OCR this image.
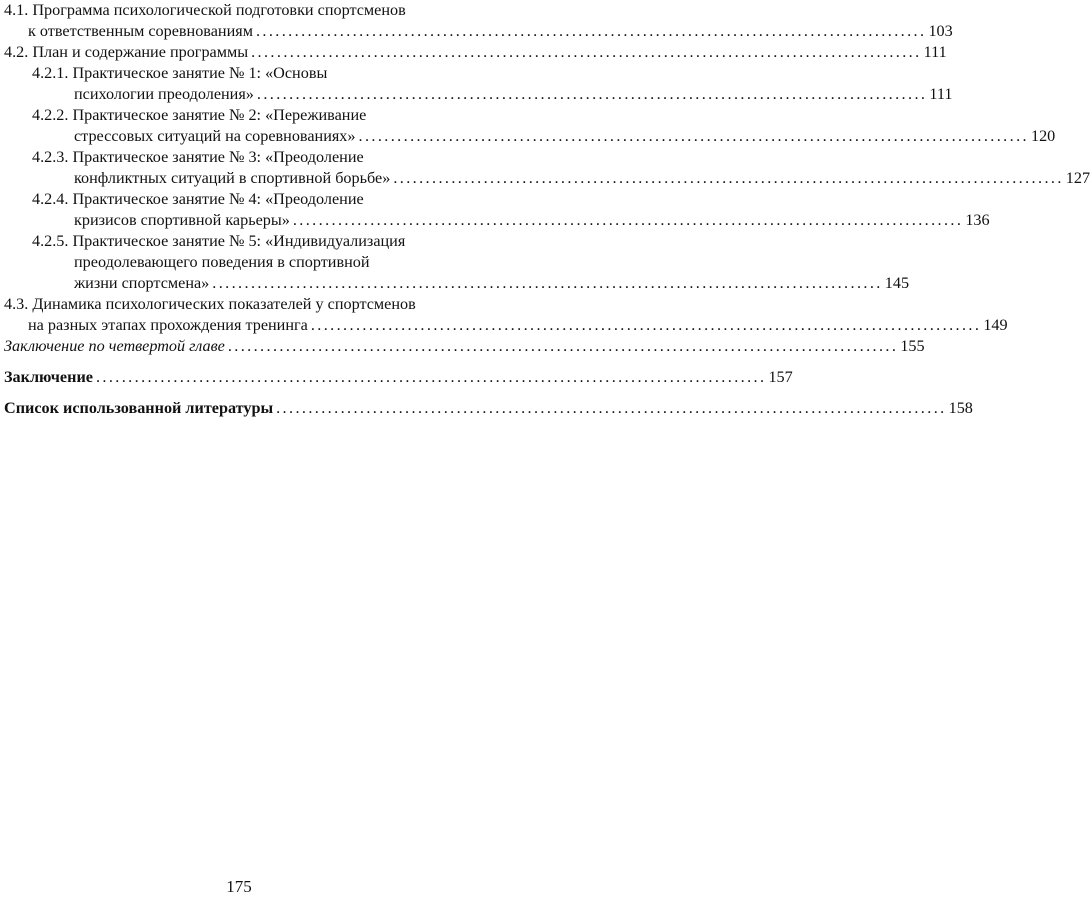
4.1. Программа психологической подготовки спортсменов
к ответственным соревнованиям ........................................................................................................ 103
4.2. План и содержание программы ........................................................................................................ 111
4.2.1. Практическое занятие № 1: «Основы
психологии преодоления» ........................................................................................................ 111
4.2.2. Практическое занятие № 2: «Переживание
стрессовых ситуаций на соревнованиях» ........................................................................................................ 120
4.2.3. Практическое занятие № 3: «Преодоление
конфликтных ситуаций в спортивной борьбе» ........................................................................................................ 127
4.2.4. Практическое занятие № 4: «Преодоление
кризисов спортивной карьеры» ........................................................................................................ 136
4.2.5. Практическое занятие № 5: «Индивидуализация
преодолевающего поведения в спортивной
жизни спортсмена» ........................................................................................................ 145
4.3. Динамика психологических показателей у спортсменов
на разных этапах прохождения тренинга ........................................................................................................ 149
Заключение по четвертой главе ........................................................................................................ 155
Заключение ........................................................................................................ 157
Список использованной литературы ........................................................................................................ 158
175
